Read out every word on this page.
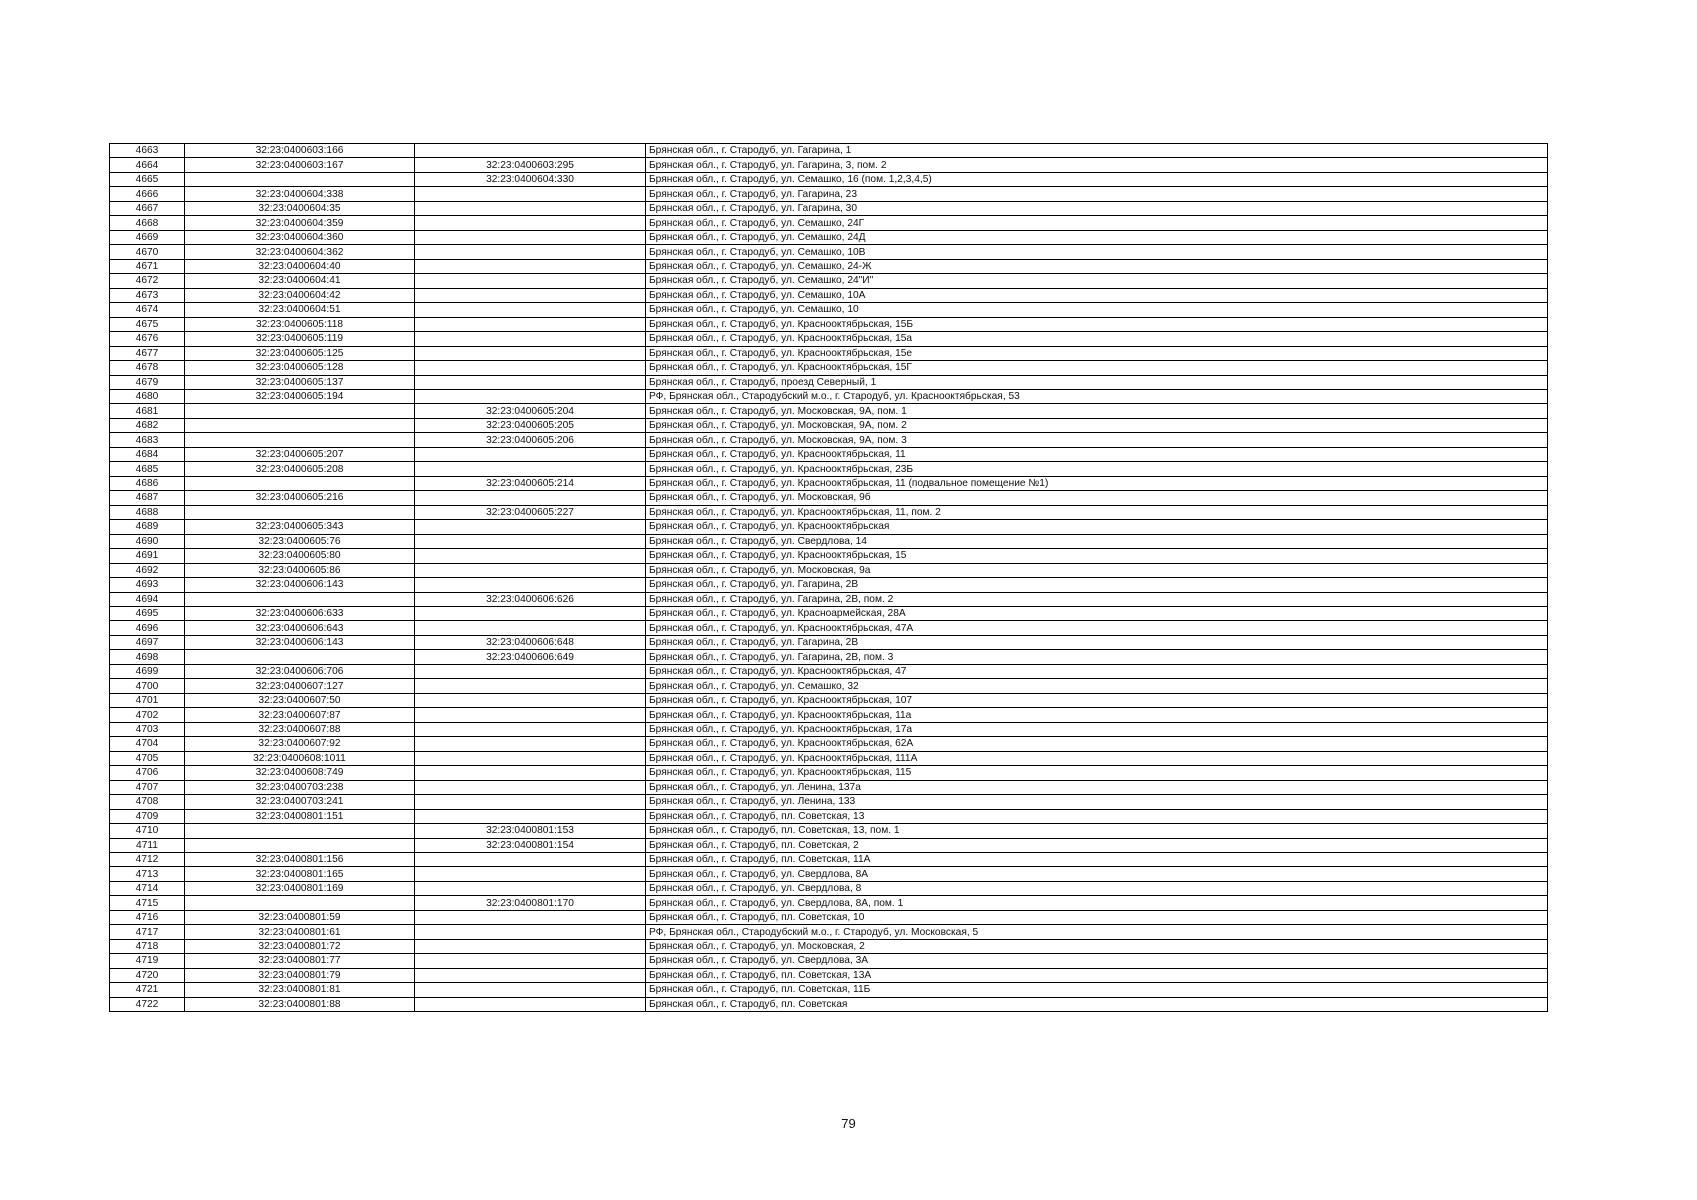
4663	32:23:0400603:166		Брянская обл., г. Стародуб, ул. Гагарина, 1
4664	32:23:0400603:167	32:23:0400603:295	Брянская обл., г. Стародуб, ул. Гагарина, 3, пом. 2
4665		32:23:0400604:330	Брянская обл., г. Стародуб, ул. Семашко, 16 (пом. 1,2,3,4,5)
4666	32:23:0400604:338		Брянская обл., г. Стародуб, ул. Гагарина, 23
4667	32:23:0400604:35		Брянская обл., г. Стародуб, ул. Гагарина, 30
4668	32:23:0400604:359		Брянская обл., г. Стародуб, ул. Семашко, 24Г
4669	32:23:0400604:360		Брянская обл., г. Стародуб, ул. Семашко, 24Д
4670	32:23:0400604:362		Брянская обл., г. Стародуб, ул. Семашко, 10В
4671	32:23:0400604:40		Брянская обл., г. Стародуб, ул. Семашко, 24-Ж
4672	32:23:0400604:41		Брянская обл., г. Стародуб, ул. Семашко, 24"И"
4673	32:23:0400604:42		Брянская обл., г. Стародуб, ул. Семашко, 10А
4674	32:23:0400604:51		Брянская обл., г. Стародуб, ул. Семашко, 10
4675	32:23:0400605:118		Брянская обл., г. Стародуб, ул. Краснооктябрьская, 15Б
4676	32:23:0400605:119		Брянская обл., г. Стародуб, ул. Краснооктябрьская, 15а
4677	32:23:0400605:125		Брянская обл., г. Стародуб, ул. Краснооктябрьская, 15е
4678	32:23:0400605:128		Брянская обл., г. Стародуб, ул. Краснооктябрьская, 15Г
4679	32:23:0400605:137		Брянская обл., г. Стародуб, проезд Северный, 1
4680	32:23:0400605:194		РФ, Брянская обл., Стародубский м.о., г. Стародуб, ул. Краснооктябрьская, 53
4681		32:23:0400605:204	Брянская обл., г. Стародуб, ул. Московская, 9А, пом. 1
4682		32:23:0400605:205	Брянская обл., г. Стародуб, ул. Московская, 9А, пом. 2
4683		32:23:0400605:206	Брянская обл., г. Стародуб, ул. Московская, 9А, пом. 3
4684	32:23:0400605:207		Брянская обл., г. Стародуб, ул. Краснооктябрьская, 11
4685	32:23:0400605:208		Брянская обл., г. Стародуб, ул. Краснооктябрьская, 23Б
4686		32:23:0400605:214	Брянская обл., г. Стародуб, ул. Краснооктябрьская, 11 (подвальное помещение №1)
4687	32:23:0400605:216		Брянская обл., г. Стародуб, ул. Московская, 9б
4688		32:23:0400605:227	Брянская обл., г. Стародуб, ул. Краснооктябрьская, 11, пом. 2
4689	32:23:0400605:343		Брянская обл., г. Стародуб, ул. Краснооктябрьская
4690	32:23:0400605:76		Брянская обл., г. Стародуб, ул. Свердлова, 14
4691	32:23:0400605:80		Брянская обл., г. Стародуб, ул. Краснооктябрьская, 15
4692	32:23:0400605:86		Брянская обл., г. Стародуб, ул. Московская, 9а
4693	32:23:0400606:143		Брянская обл., г. Стародуб, ул. Гагарина, 2В
4694		32:23:0400606:626	Брянская обл., г. Стародуб, ул. Гагарина, 2В, пом. 2
4695	32:23:0400606:633		Брянская обл., г. Стародуб, ул. Красноармейская, 28А
4696	32:23:0400606:643		Брянская обл., г. Стародуб, ул. Краснооктябрьская, 47А
4697	32:23:0400606:143	32:23:0400606:648	Брянская обл., г. Стародуб, ул. Гагарина, 2В
4698		32:23:0400606:649	Брянская обл., г. Стародуб, ул. Гагарина, 2В, пом. 3
4699	32:23:0400606:706		Брянская обл., г. Стародуб, ул. Краснооктябрьская, 47
4700	32:23:0400607:127		Брянская обл., г. Стародуб, ул. Семашко, 32
4701	32:23:0400607:50		Брянская обл., г. Стародуб, ул. Краснооктябрьская, 107
4702	32:23:0400607:87		Брянская обл., г. Стародуб, ул. Краснооктябрьская, 11а
4703	32:23:0400607:88		Брянская обл., г. Стародуб, ул. Краснооктябрьская, 17а
4704	32:23:0400607:92		Брянская обл., г. Стародуб, ул. Краснооктябрьская, 62А
4705	32:23:0400608:1011		Брянская обл., г. Стародуб, ул. Краснооктябрьская, 111А
4706	32:23:0400608:749		Брянская обл., г. Стародуб, ул. Краснооктябрьская, 115
4707	32:23:0400703:238		Брянская обл., г. Стародуб, ул. Ленина, 137а
4708	32:23:0400703:241		Брянская обл., г. Стародуб, ул. Ленина, 133
4709	32:23:0400801:151		Брянская обл., г. Стародуб, пл. Советская, 13
4710		32:23:0400801:153	Брянская обл., г. Стародуб, пл. Советская, 13, пом. 1
4711		32:23:0400801:154	Брянская обл., г. Стародуб, пл. Советская, 2
4712	32:23:0400801:156		Брянская обл., г. Стародуб, пл. Советская, 11А
4713	32:23:0400801:165		Брянская обл., г. Стародуб, ул. Свердлова, 8А
4714	32:23:0400801:169		Брянская обл., г. Стародуб, ул. Свердлова, 8
4715		32:23:0400801:170	Брянская обл., г. Стародуб, ул. Свердлова, 8А, пом. 1
4716	32:23:0400801:59		Брянская обл., г. Стародуб, пл. Советская, 10
4717	32:23:0400801:61		РФ, Брянская обл., Стародубский м.о., г. Стародуб, ул. Московская, 5
4718	32:23:0400801:72		Брянская обл., г. Стародуб, ул. Московская, 2
4719	32:23:0400801:77		Брянская обл., г. Стародуб, ул. Свердлова, 3А
4720	32:23:0400801:79		Брянская обл., г. Стародуб, пл. Советская, 13А
4721	32:23:0400801:81		Брянская обл., г. Стародуб, пл. Советская, 11Б
4722	32:23:0400801:88		Брянская обл., г. Стародуб, пл. Советская
79
